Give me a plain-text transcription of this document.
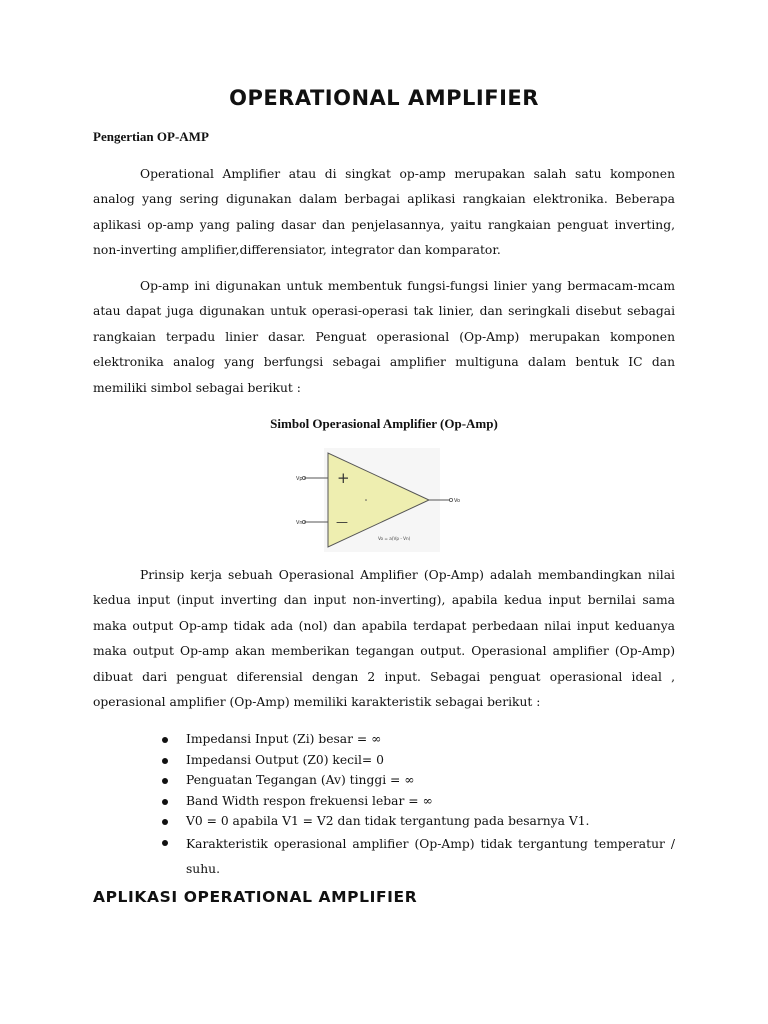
OPERATIONAL AMPLIFIER
Pengertian OP-AMP

Operational Amplifier atau di singkat op-amp merupakan salah satu komponen analog yang sering digunakan dalam berbagai aplikasi rangkaian elektronika. Beberapa aplikasi op-amp yang paling dasar dan penjelasannya, yaitu rangkaian penguat inverting, non-inverting amplifier,differensiator, integrator dan komparator.

Op-amp ini digunakan untuk membentuk fungsi-fungsi linier yang bermacam-mcam atau dapat juga digunakan untuk operasi-operasi tak linier, dan seringkali disebut sebagai rangkaian terpadu linier dasar. Penguat operasional (Op-Amp) merupakan komponen elektronika analog yang berfungsi sebagai amplifier multiguna dalam bentuk IC dan memiliki simbol sebagai berikut :

Simbol Operasional Amplifier (Op-Amp)
Vp
Vn
Vo
+
—
Vo = a(Vp - Vn)

Prinsip kerja sebuah Operasional Amplifier (Op-Amp) adalah membandingkan nilai kedua input (input inverting dan input non-inverting), apabila kedua input bernilai sama maka output Op-amp tidak ada (nol) dan apabila terdapat perbedaan nilai input keduanya maka output Op-amp akan memberikan tegangan output. Operasional amplifier (Op-Amp) dibuat dari penguat diferensial dengan 2 input. Sebagai penguat operasional ideal , operasional amplifier (Op-Amp) memiliki karakteristik sebagai berikut :

Impedansi Input (Zi) besar = ∞
Impedansi Output (Z0) kecil= 0
Penguatan Tegangan (Av) tinggi = ∞
Band Width respon frekuensi lebar = ∞
V0 = 0 apabila V1 = V2 dan tidak tergantung pada besarnya V1.
Karakteristik operasional amplifier (Op-Amp) tidak tergantung temperatur / suhu.
APLIKASI OPERATIONAL AMPLIFIER
